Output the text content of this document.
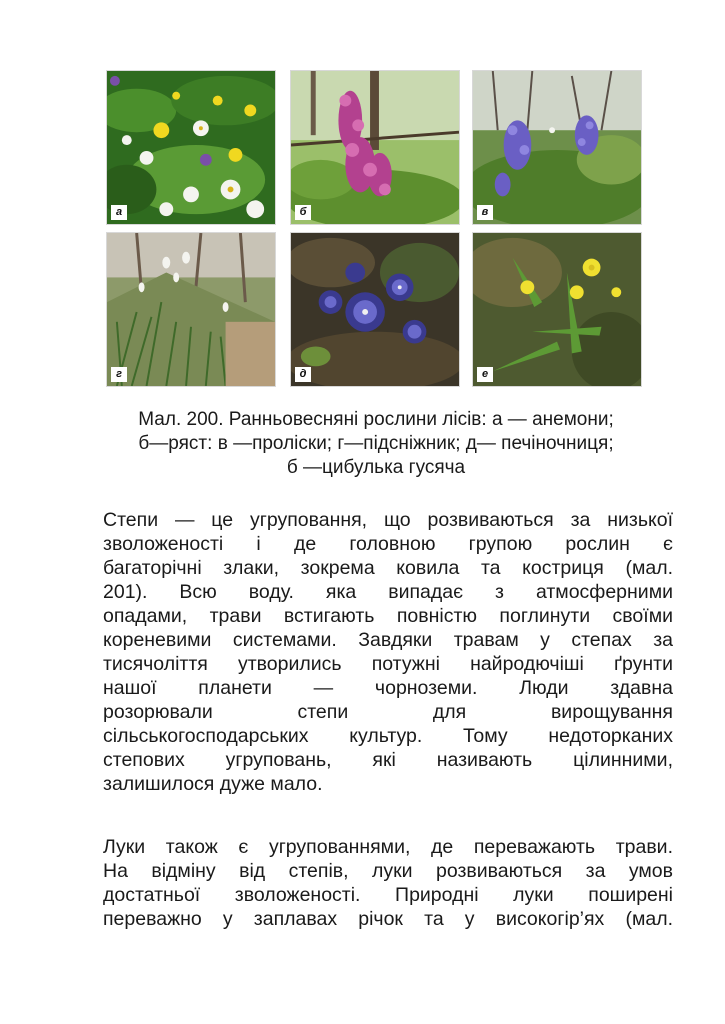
а	б	в
г	д	е

Мал. 200. Ранньовесняні рослини лісів: а — анемони;
б—ряст: в —проліски; г—підсніжник; д— печіночниця;
б —цибулька гусяча

Степи — це угруповання, що розвиваються за низької
зволоженості і де головною групою рослин є
багаторічні злаки, зокрема ковила та костриця (мал.
201). Всю воду. яка випадає з атмосферними
опадами, трави встигають повністю поглинути своїми
кореневими системами. Завдяки травам у степах за
тисячоліття утворились потужні найродючіші ґрунти
нашої планети — чорноземи. Люди здавна
розорювали степи для вирощування
сільськогосподарських культур. Тому недоторканих
степових угруповань, які називають цілинними,
залишилося дуже мало.

Луки також є угрупованнями, де переважають трави.
На відміну від степів, луки розвиваються за умов
достатньої зволоженості. Природні луки поширені
переважно у заплавах річок та у високогір’ях (мал.
